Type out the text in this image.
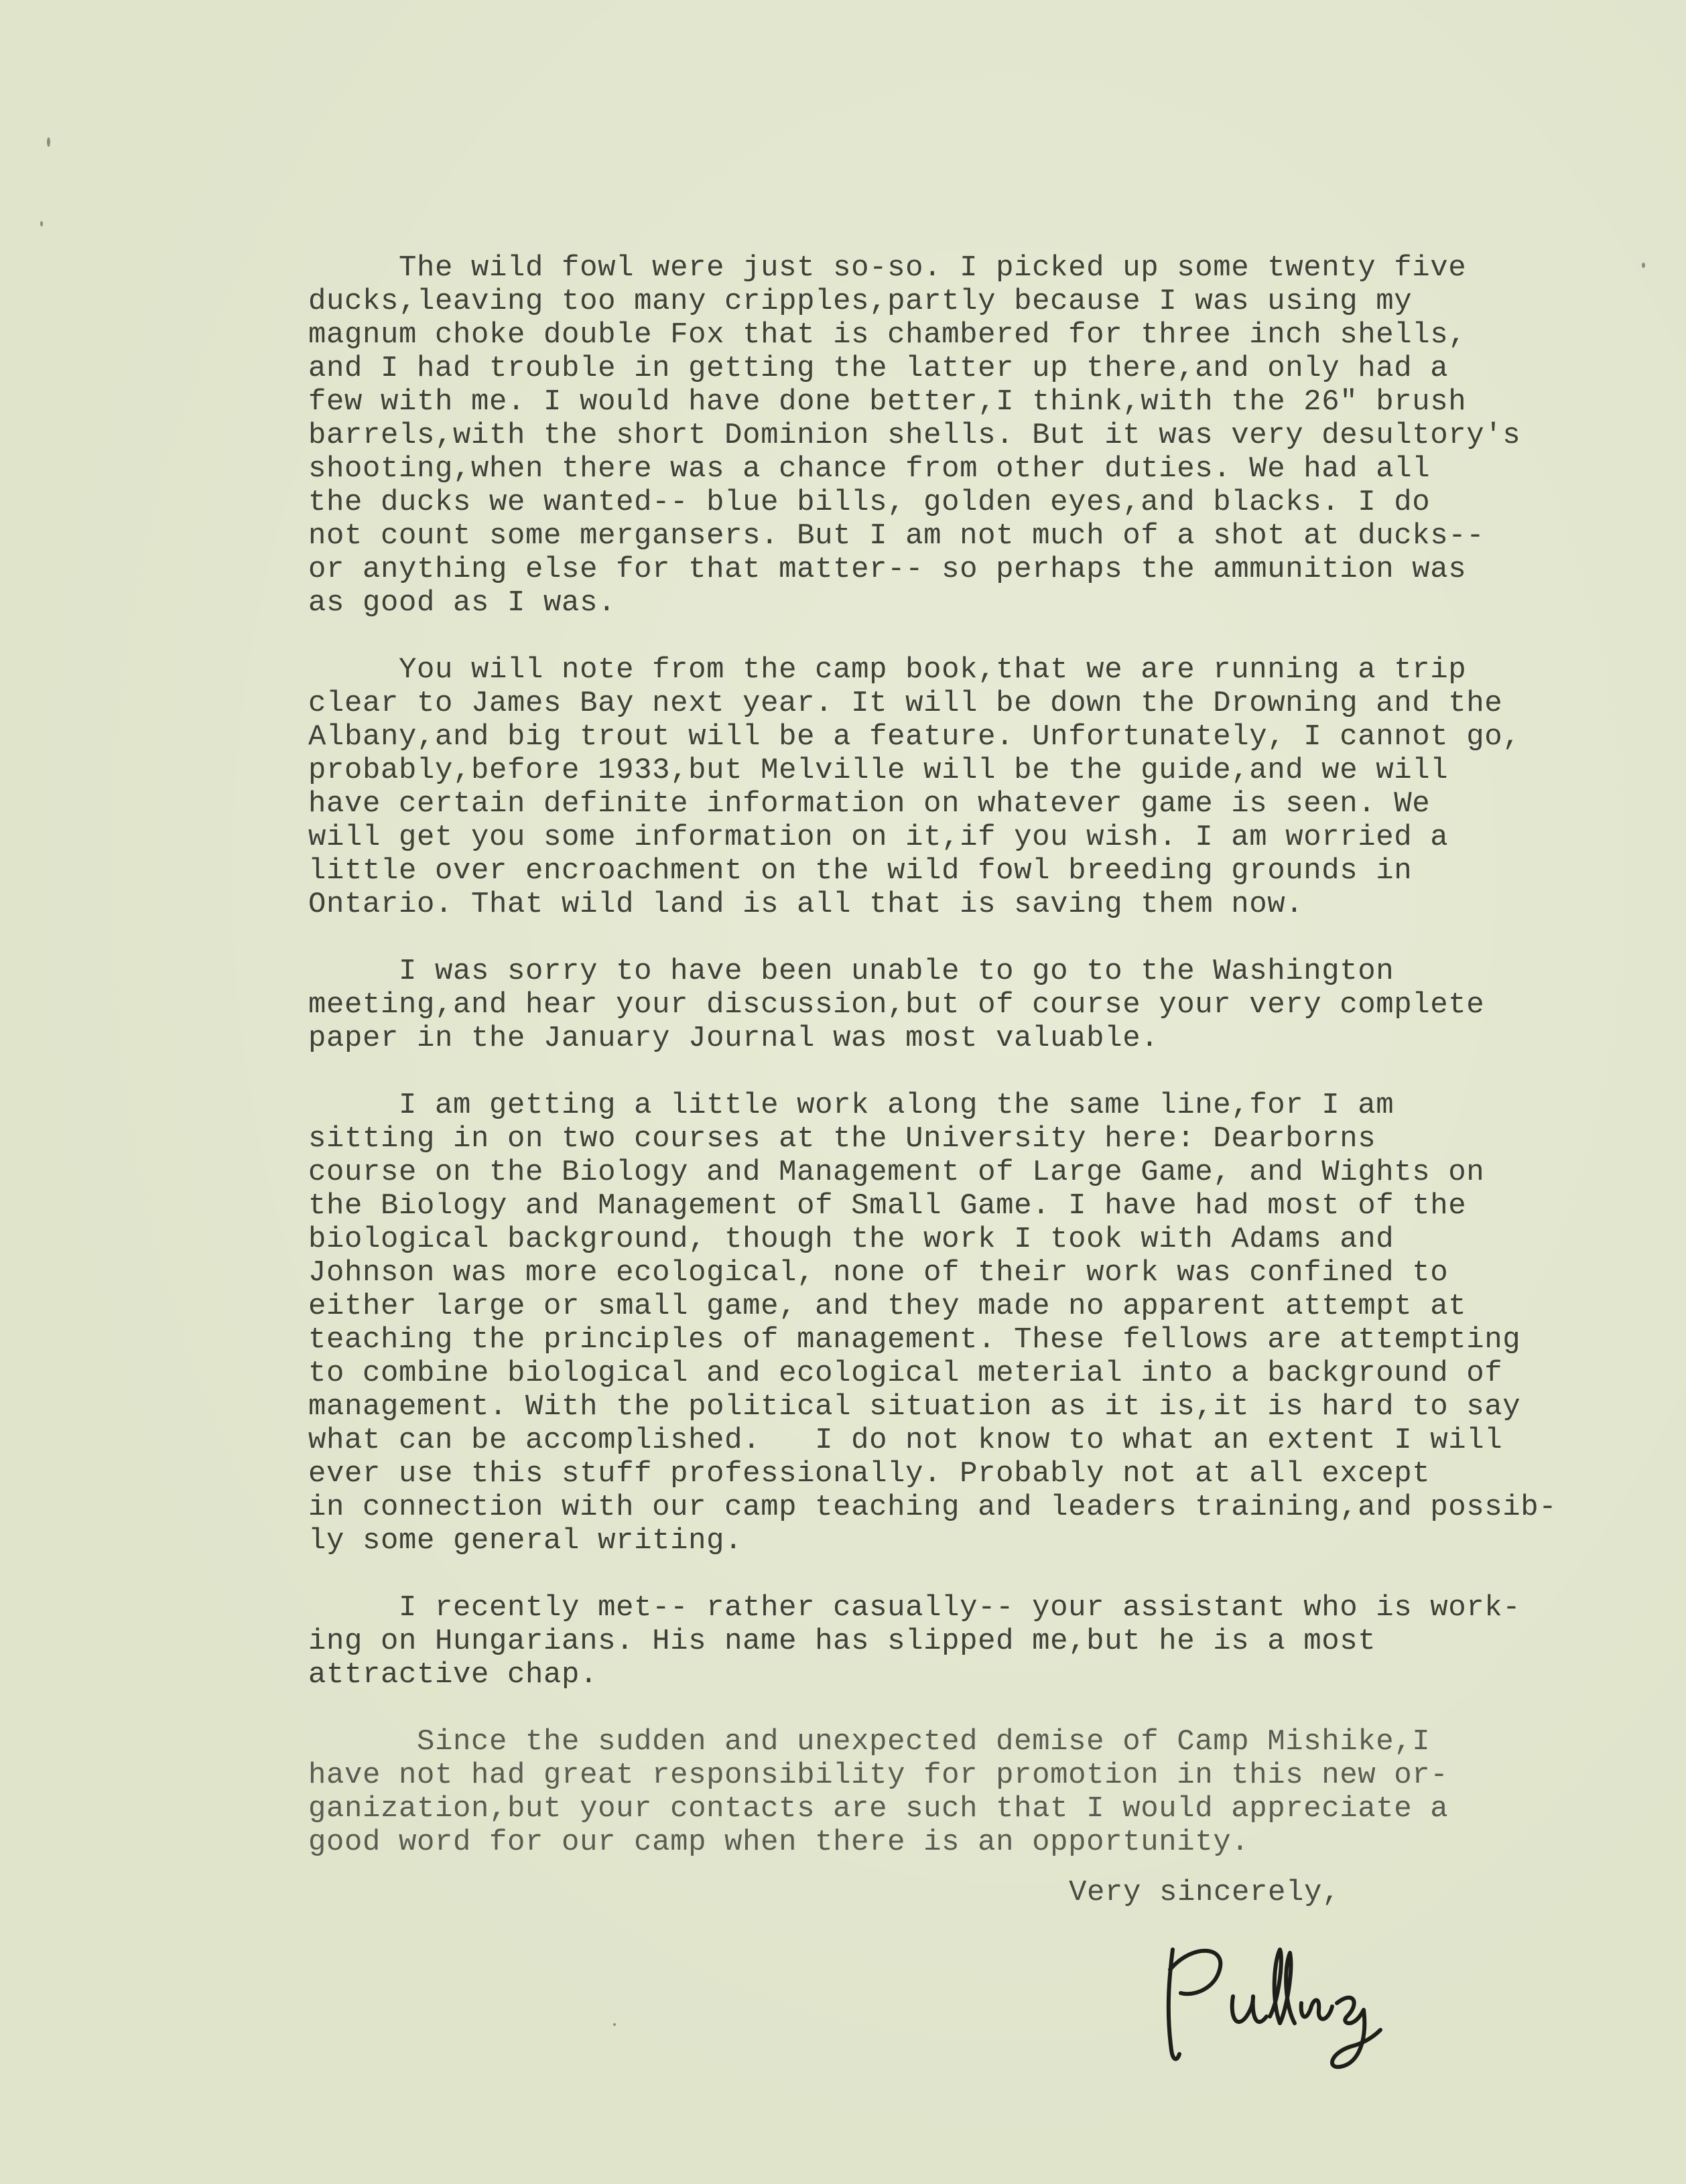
The wild fowl were just so-so. I picked up some twenty five
ducks,leaving too many cripples,partly because I was using my
magnum choke double Fox that is chambered for three inch shells,
and I had trouble in getting the latter up there,and only had a
few with me. I would have done better,I think,with the 26" brush
barrels,with the short Dominion shells. But it was very desultory's
shooting,when there was a chance from other duties. We had all
the ducks we wanted-- blue bills, golden eyes,and blacks. I do
not count some mergansers. But I am not much of a shot at ducks--
or anything else for that matter-- so perhaps the ammunition was
as good as I was.
You will note from the camp book,that we are running a trip
clear to James Bay next year. It will be down the Drowning and the
Albany,and big trout will be a feature. Unfortunately, I cannot go,
probably,before 1933,but Melville will be the guide,and we will
have certain definite information on whatever game is seen. We
will get you some information on it,if you wish. I am worried a
little over encroachment on the wild fowl breeding grounds in
Ontario. That wild land is all that is saving them now.
I was sorry to have been unable to go to the Washington
meeting,and hear your discussion,but of course your very complete
paper in the January Journal was most valuable.
I am getting a little work along the same line,for I am
sitting in on two courses at the University here: Dearborns
course on the Biology and Management of Large Game, and Wights on
the Biology and Management of Small Game. I have had most of the
biological background, though the work I took with Adams and
Johnson was more ecological, none of their work was confined to
either large or small game, and they made no apparent attempt at
teaching the principles of management. These fellows are attempting
to combine biological and ecological meterial into a background of
management. With the political situation as it is,it is hard to say
what can be accomplished.   I do not know to what an extent I will
ever use this stuff professionally. Probably not at all except
in connection with our camp teaching and leaders training,and possib-
ly some general writing.
I recently met-- rather casually-- your assistant who is work-
ing on Hungarians. His name has slipped me,but he is a most
attractive chap.
Since the sudden and unexpected demise of Camp Mishike,I
have not had great responsibility for promotion in this new or-
ganization,but your contacts are such that I would appreciate a
good word for our camp when there is an opportunity.
Very sincerely,
